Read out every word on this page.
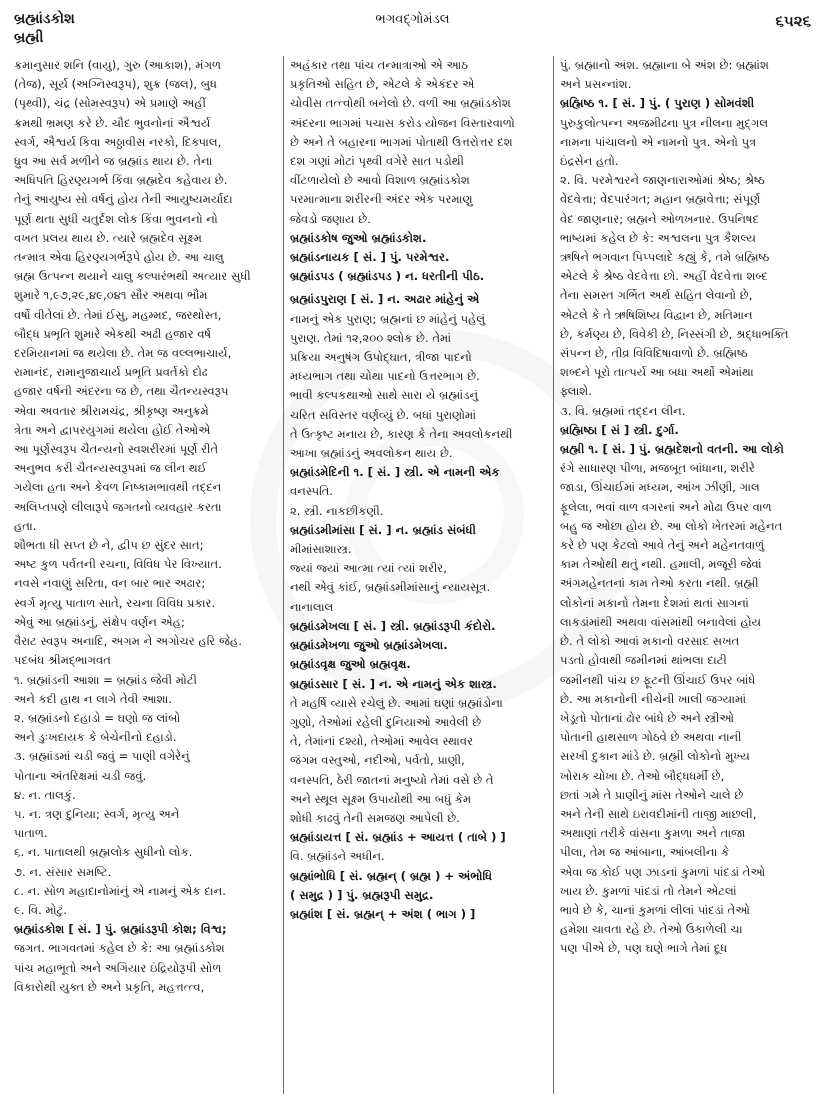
બ્રહ્માંડકોશ
બ્રહ્મી
ભગવદ્ગોમંડલ	૬૫૨૬
ક્રમાનુસાર શનિ (વાયુ), ગુરુ (આકાશ), મંગળ
(તેજ), સૂર્ય (અગ્નિસ્વરૂપ), શુક્ર (જલ), બુધ
(પૃથ્વી), ચંદ્ર (સોમસ્વરૂપ) એ પ્રમાણે અહીં
ક્રમથી ભ્રમણ કરે છે. ચૌદ ભુવનોનાં ઐશ્વર્ય
સ્વર્ગ, ઐશ્વર્ય કિવા અઠ્ઠાવીસ નરકો, દિક્પાલ,
ધ્રુવ આ સર્વ મળીને જ બ્રહ્માંડ થાય છે. તેના
અધિપતિ હિરણ્યગર્ભ કિંવા બ્રહ્મદેવ કહેવાય છે.
તેનું આયુષ્ય સો વર્ષનું હોય તેની આયુષ્યમર્યાદા
પૂર્ણ થતા સુધી ચતુર્દશ લોક કિંવા ભુવનનો નો
વખત પ્રલય થાય છે. ત્યારે બ્રહ્મદેવ સૂક્ષ્મ
તન્માત્ર એવા હિરણ્યગર્ભરૂપે હોય છે. આ ચાલુ
બ્રહ્મ ઉત્પન્ન થયાને ચાલુ કલ્પારંભથી અત્યાર સુધી
શુમારે ૧,૯૭,૨૯,૪૯,૦૪૧ સૌર અથવા ભૌમ
વર્ષો વીતેલાં છે. તેમાં ઈસુ, મહમ્મદ, જરથોસ્ત,
બૌદ્ધ પ્રભૃતિ શુમારે એકથી અઢી હજાર વર્ષ
દરમિયાનમાં જ થયેલા છે. તેમ જ વલ્લભાચાર્ય,
રામાનંદ, રામાનુજાચાર્ય પ્રભૃતિ પ્રવર્તકો દોઢ
હજાર વર્ષની અંદરના જ છે, તથા ચૈતન્યસ્વરૂપ
એવા અવતાર શ્રીરામચંદ્ર, શ્રીકૃષ્ણ અનુક્રમે
ત્રેતા અને દ્વાપરયુગમાં થયેલા હોઈ તેઓએ
આ પૂર્ણસ્વરૂપ ચૈતન્યનો સ્વશરીરમાં પૂર્ણ રીતે
અનુભવ કરી ચૈતન્યસ્વરૂપમાં જ લીન થઈ
ગયેલા હતા અને કેવળ નિષ્કામભાવથી તદ્દન
અલિપ્તપણે લીલારૂપે જગતનો વ્યવહાર કરતા
હતા.
શૌભતા ધી સપ્ત છે ને, દ્વીપ છ સુંદર સાત;
અષ્ટ કુળ પર્વતની રચના, વિવિધ પેર વિખ્યાત.
નવસે નવાણું સરિતા, વન બાર ભાર અઢાર;
સ્વર્ગ મૃત્યુ પાતાળ સાતે, રચના વિવિધ પ્રકાર.
એવું આ બ્રહ્માંડનું, સંક્ષેપ વર્ણન એહ;
વૈરાટ સ્વરૂપ અનાદિ, અગમ ને અગોચર હરિ જેહ.
પદબંધ શ્રીમદ્ભાગવત
૧. બ્રહ્માંડની આશા = બ્રહ્માંડ જેવી મોટી
અને કદી હાથ ન લાગે તેવી આશા.
૨. બ્રહ્માંડનો દહાડો = ઘણો જ લાંબો
અને ડુઃખદાયક કે બેચેનીનો દહાડો.
૩. બ્રહ્માંડમાં ચડી જવું = પાણી વગેરેનું
પોતાના અંતરિક્ષમાં ચડી જવું.
૪. ન. તાલકું.
૫. ન. ત્રણ દુનિયા; સ્વર્ગ, મૃત્યુ અને
પાતાળ.
૬. ન. પાતાલથી બ્રહ્મલોક સુધીનો લોક.
૭. ન. સંસાર સમષ્ટિ.
૮. ન. સોળ મહાદાનોમાંનું એ નામનું એક દાન.
૯. વિ. મોટું.
બ્રહ્માંડકોશ [ સં. ] પું. બ્રહ્માંડરૂપી કોશ; વિશ્વ;
જગત. ભાગવતમાં કહેલ છે કે: આ બ્રહ્માંડકોશ
પાંચ મહાભૂતો અને અગિયાર ઇંદ્રિયોરૂપી સોળ
વિકારોથી યુક્ત છે અને પ્રકૃતિ, મહત્તત્ત્વ,
અહંકાર તથા પાંચ તન્માત્રાઓ એ આઠ
પ્રકૃતિઓ સહિત છે, એટલે કે એકંદર એ
ચોવીસ તત્ત્વોથી બનેલો છે. વળી આ બ્રહ્માંડકોશ
અંદરના ભાગમાં પચાસ કરોડ યોજન વિસ્તારવાળો
છે અને તે બહારના ભાગમાં પોતાથી ઉત્તરોત્તર દશ
દશ ગણાં મોટાં પૃથ્વી વગેરે સાત પડોથી
વીંટળાયેલો છે આવો વિશાળ બ્રહ્માંડકોશ
પરમાત્માના શરીરની અંદર એક પરમાણુ
જેવડો જણાય છે.
બ્રહ્માંડકોષ જુઓ બ્રહ્માંડકોશ.
બ્રહ્માંડનાયક [ સં. ] પું. પરમેશ્વર.
બ્રહ્માંડપડ ( બ્રહ્માંડપડ ) ન. ધરતીની પીઠ.
બ્રહ્માંડપુરાણ [ સં. ] ન. અઢાર માંહેનું એ
નામનું એક પુરાણ; બ્રહ્મનાં છ માંહેનું પહેલું
પુરાણ. તેમાં ૧૨,૨૦૦ શ્લોક છે. તેમાં
પ્રક્રિયા અનુષંગ ઉપોદ્ઘાત, ત્રીજા પાદનો
મધ્યભાગ તથા ચોથા પાદનો ઉત્તરભાગ છે.
ભાવી કલ્પકથાઓ સાથે સારા યે બ્રહ્માંડનું
ચરિત સવિસ્તર વર્ણવ્યું છે. બધાં પુરાણોમાં
તે ઉત્કૃષ્ટ મનાય છે, કારણ કે તેના અવલોકનથી
આખા બ્રહ્માંડનું અવલોકન થાય છે.
બ્રહ્માંડમેદિની ૧. [ સં. ] સ્ત્રી. એ નામની એક
વનસ્પતિ.
૨. સ્ત્રી. નાકછીકણી.
બ્રહ્માંડમીમાંસા [ સં. ] ન. બ્રહ્માંડ સંબંધી
મીમાંસાશાસ્ત્ર.
જ્યાં જ્યાં આત્મા ત્યાં ત્યાં શરીર,
નથી એવું કાંઈ, બ્રહ્માંડમીમાંસાનું ન્યાયસૂત્ર.
નાનાલાલ
બ્રહ્માંડમેખલા [ સં. ] સ્ત્રી. બ્રહ્માંડરૂપી કંદોરો.
બ્રહ્માંડમેખળા જુઓ બ્રહ્માંડમેખલા.
બ્રહ્માંડવૃક્ષ જુઓ બ્રહ્મવૃક્ષ.
બ્રહ્માંડસાર [ સં. ] ન. એ નામનું એક શાસ્ત્ર.
તે મહર્ષિ વ્યાસે રચેલું છે. આમાં ઘણાં બ્રહ્માંડોના
ગુણો, તેઓમાં રહેલી દુનિયાઓ આવેલી છે
તે, તેમાંનાં દશ્યો, તેઓમાં આવેલ સ્થાવર
જંગમ વસ્તુઓ, નદીઓ, પર્વતો, પ્રાણી,
વનસ્પતિ, ઠેરી જાતનાં મનુષ્યો તેમાં વસે છે તે
અને સ્થૂલ સૂક્ષ્મ ઉપાયોથી આ બધું કેમ
શોધી કાઢવું તેની સમજણ આપેલી છે.
બ્રહ્માંડાયત્ત [ સં. બ્રહ્માંડ + આયત્ત ( તાબે ) ]
વિ. બ્રહ્માંડને અધીન.
બ્રહ્માંભોધિ [ સં. બ્રહ્મન્ ( બ્રહ્મ ) + અંભોધિ
( સમુદ્ર ) ] પું. બ્રહ્મરૂપી સમુદ્ર.
બ્રહ્માંશ [ સં. બ્રહ્મન્ + અંશ ( ભાગ ) ]
પું. બ્રહ્માનો અંશ. બ્રહ્માના બે અંશ છે: બ્રહ્માંશ
અને પ્રસન્નાંશ.
બ્રહ્મિષ્ઠ ૧. [ સં. ] પું. ( પુરાણ ) સોમવંશી
પુરુકુલોત્પન્ન અજમીઢના પુત્ર નીલના મુદ્ગલ
નામના પાંચાલનો એ નામનો પુત્ર. એનો પુત્ર
ઇંદ્રસેન હતો.
૨. વિ. પરમેશ્વરને જાણનારાઓમાં શ્રેષ્ઠ; શ્રેષ્ઠ
વેદવેત્તા; વેદપારંગત; મહાન બ્રહ્મવેત્તા; સંપૂર્ણ
વેદ જાણનાર; બ્રહ્મને ઓળખનાર. ઉપનિષદ
ભાષ્યમાં કહેલ છે કે: અશ્વલના પુત્ર કૈશલ્ય
ઋષિને ભગવાન પિપ્પલાદે કહ્યું કે, તમે બ્રહ્મિષ્ઠ
એટલે કે શ્રેષ્ઠ વેદવેત્તા છો. અહીં વેદવેત્તા શબ્દ
તેના સમસ્ત ગર્ભિત અર્થ સહિત લેવાનો છે,
એટલે કે તે ઋષિશિષ્ય વિદ્વાન છે, મતિમાન
છે, કર્મણ્ય છે, વિવેકી છે, નિસ્સંગી છે, શ્રદ્ધાભક્તિ
સંપન્ન છે, તીવ્ર વિવિદિષાવાળો છે. બ્રહ્મિષ્ઠ
શબ્દને પૂરો તાત્પર્ય આ બધા અર્થો એમાંથા
ફ્લાશે.
૩. વિ. બ્રહ્મમાં તદ્દન લીન.
બ્રહ્મિષ્ઠા [ સં ] સ્ત્રી. દુર્ગા.
બ્રહ્મી ૧. [ સં. ] પું. બ્રહ્મદેશનો વતની. આ લોકો
રંગે સાધારણ પીળા, મજબૂત બાંધાના, શરીરે
જાડા, ઊંચાઈમાં મધ્યમ, આંખ ઝીણી, ગાલ
ફૂલેલા, ભવાં વાળ વગરનાં અને મોઢા ઉપર વાળ
બહુ જ ઓછા હોય છે. આ લોકો ખેતરમાં મહેનત
કરે છે પણ કેટલો આવે તેનું અને મહેનતવાળું
કામ તેઓથી થતું નથી. હમાલી, મજૂરી જેવાં
અંગમહેનતનાં કામ તેઓ કરતા નથી. બ્રહ્મી
લોકોનાં મકાનો તેમના દેશમાં થતાં સાગનાં
લાકડાંમાંથી અથવા વાંસમાંથી બનાવેલાં હોય
છે. તે લોકો આવાં મકાનો વરસાદ સખત
પડતો હોવાથી જમીનમાં થાંભલા દાટી
જમીનથી પાંચ છ ફૂટની ઊંચાઈ ઉપર બાંધે
છે. આ મકાનોની નીચેની ખાલી જગ્યામાં
ખેડૂતો પોતાનાં ઢોર બાંધે છે અને સ્ત્રીઓ
પોતાની હાથસાળ ગોઠવે છે અથવા નાની
સરખી દુકાન માંડે છે. બ્રહ્મી લોકોનો મુખ્ય
ખોરાક ચોખા છે. તેઓ બૌદ્ધધર્મી છે,
છતાં ગમે તે પ્રાણીનું માંસ તેઓને ચાલે છે
અને તેની સાથે ઇરાવદીમાંની તાજી માછલી,
અથાણાં તરીકે વાંસના કુમળા અને તાજા
પીલા, તેમ જ આંબાના, આંબલીના કે
એવા જ કોઈ પણ ઝાડનાં કુમળાં પાંદડાં તેઓ
ખાય છે. કુમળાં પાંદડાં તો તેમને એટલાં
ભાવે છે કે, ચાનાં કુમળાં લીલાં પાંદડાં તેઓ
હમેશા ચાવતા રહે છે. તેઓ ઉકાળેલી ચા
પણ પીએ છે, પણ ઘણે ભાગે તેમાં દૂધ
